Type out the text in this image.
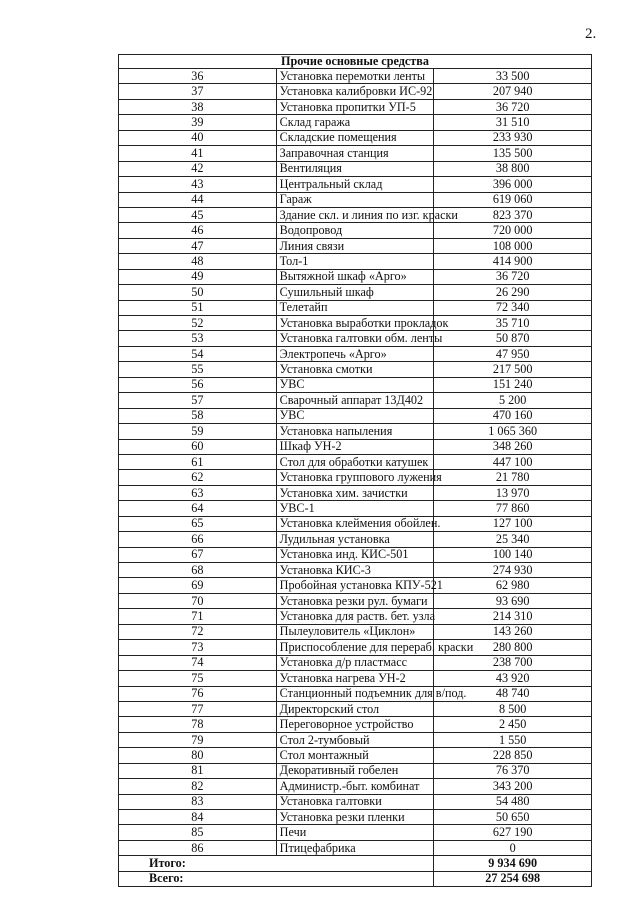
2.
Прочие основные средства		
36	Установка перемотки ленты	33 500
37	Установка калибровки ИС-92	207 940
38	Установка пропитки УП-5	36 720
39	Склад гаража	31 510
40	Складские помещения	233 930
41	Заправочная станция	135 500
42	Вентиляция	38 800
43	Центральный склад	396 000
44	Гараж	619 060
45	Здание скл. и линия по изг. краски	823 370
46	Водопровод	720 000
47	Линия связи	108 000
48	Тол-1	414 900
49	Вытяжной шкаф «Арго»	36 720
50	Сушильный шкаф	26 290
51	Телетайп	72 340
52	Установка выработки прокладок	35 710
53	Установка галтовки обм. ленты	50 870
54	Электропечь «Арго»	47 950
55	Установка смотки	217 500
56	УВС	151 240
57	Сварочный аппарат 13Д402	5 200
58	УВС	470 160
59	Установка напыления	1 065 360
60	Шкаф УН-2	348 260
61	Стол для обработки катушек	447 100
62	Установка группового лужения	21 780
63	Установка хим. зачистки	13 970
64	УВС-1	77 860
65	Установка клеймения обойлен.	127 100
66	Лудильная установка	25 340
67	Установка инд. КИС-501	100 140
68	Установка КИС-3	274 930
69	Пробойная установка КПУ-521	62 980
70	Установка резки рул. бумаги	93 690
71	Установка для раств. бет. узла	214 310
72	Пылеуловитель «Циклон»	143 260
73	Приспособление для перераб. краски	280 800
74	Установка д/р пластмасс	238 700
75	Установка нагрева УН-2	43 920
76	Станционный подъемник для в/под.	48 740
77	Директорский стол	8 500
78	Переговорное устройство	2 450
79	Стол 2-тумбовый	1 550
80	Стол монтажный	228 850
81	Декоративный гобелен	76 370
82	Администр.-быт. комбинат	343 200
83	Установка галтовки	54 480
84	Установка резки пленки	50 650
85	Печи	627 190
86	Птицефабрика	0
Итого:		9 934 690
Всего:		27 254 698
